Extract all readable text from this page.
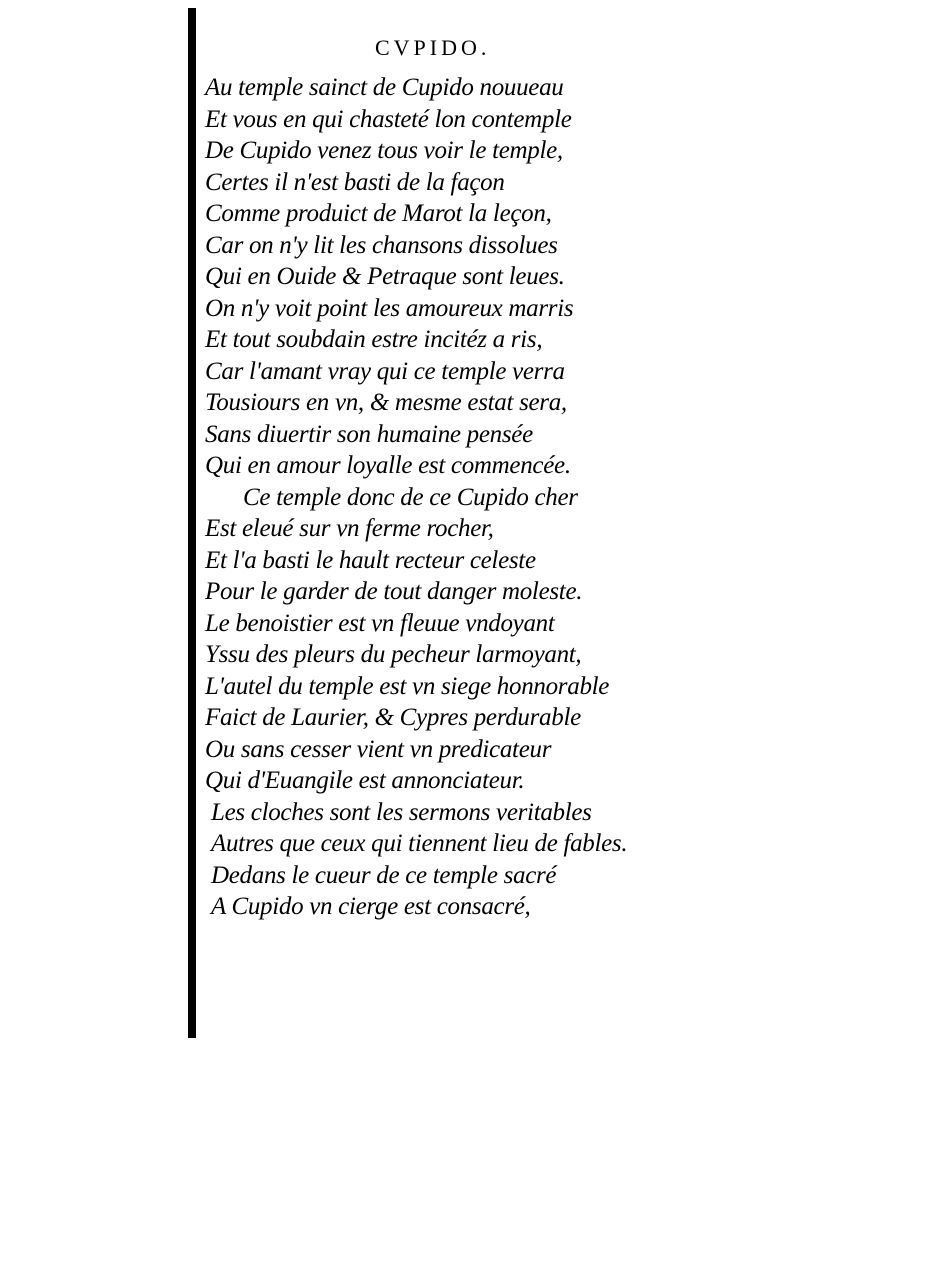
CVPIDO.
Au temple sainct de Cupido nouueau
Et vous en qui chasteté lon contemple
De Cupido venez tous voir le temple,
Certes il n'est basti de la façon
Comme produict de Marot la leçon,
Car on n'y lit les chansons dissolues
Qui en Ouide & Petraque sont leues.
On n'y voit point les amoureux marris
Et tout soubdain estre incitéz a ris,
Car l'amant vray qui ce temple verra
Tousiours en vn, & mesme estat sera,
Sans diuertir son humaine pensée
Qui en amour loyalle est commencée.
Ce temple donc de ce Cupido cher
Est eleué sur vn ferme rocher,
Et l'a basti le hault recteur celeste
Pour le garder de tout danger moleste.
Le benoistier est vn fleuue vndoyant
Yssu des pleurs du pecheur larmoyant,
L'autel du temple est vn siege honnorable
Faict de Laurier, & Cypres perdurable
Ou sans cesser vient vn predicateur
Qui d'Euangile est annonciateur.
Les cloches sont les sermons veritables
Autres que ceux qui tiennent lieu de fables.
Dedans le cueur de ce temple sacré
A Cupido vn cierge est consacré,
